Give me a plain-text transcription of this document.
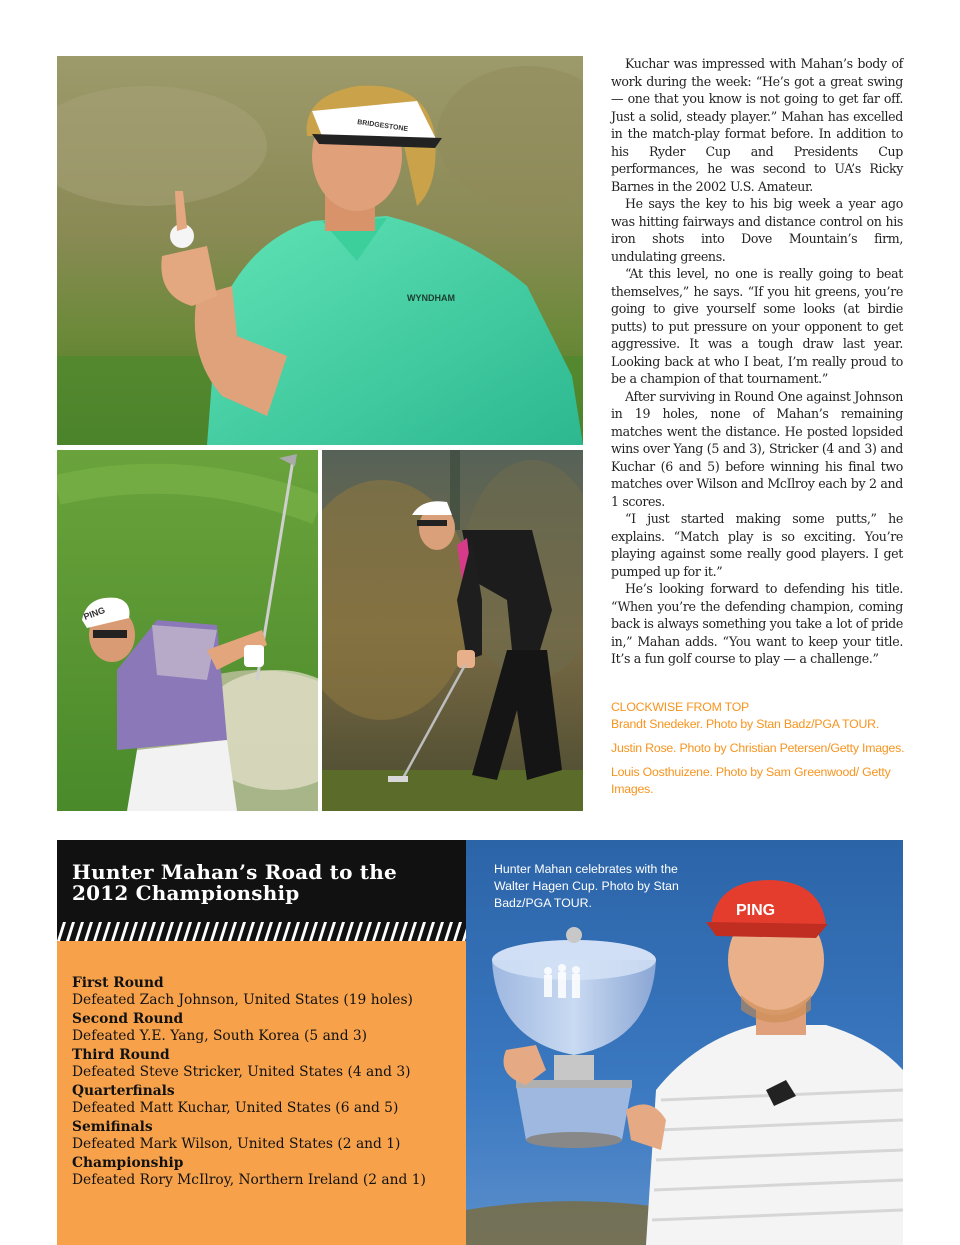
BRIDGESTONE
WYNDHAM
PING

Kuchar was impressed with Mahan’s body of work during the week: “He’s got a great swing — one that you know is not going to get far off. Just a solid, steady player.” Mahan has excelled in the match-play format before. In addition to his Ryder Cup and Presidents Cup performances, he was second to UA’s Ricky Barnes in the 2002 U.S. Amateur.

He says the key to his big week a year ago was hitting fairways and distance control on his iron shots into Dove Mountain’s firm, undulating greens.

“At this level, no one is really going to beat themselves,” he says. “If you hit greens, you’re going to give yourself some looks (at birdie putts) to put pressure on your opponent to get aggressive. It was a tough draw last year. Looking back at who I beat, I’m really proud to be a champion of that tournament.”

After surviving in Round One against Johnson in 19 holes, none of Mahan’s remaining matches went the distance. He posted lopsided wins over Yang (5 and 3), Stricker (4 and 3) and Kuchar (6 and 5) before winning his final two matches over Wilson and McIlroy each by 2 and 1 scores.

“I just started making some putts,” he explains. “Match play is so exciting. You’re playing against some really good players. I get pumped up for it.”

He’s looking forward to defending his title. “When you’re the defending champion, coming back is always something you take a lot of pride in,” Mahan adds. “You want to keep your title. It’s a fun golf course to play — a challenge.”

CLOCKWISE FROM TOP

Brandt Snedeker. Photo by Stan Badz/PGA TOUR.

Justin Rose. Photo by Christian Petersen/Getty Images.

Louis Oosthuizene. Photo by Sam Greenwood/ Getty Images.

Hunter Mahan’s Road to the 2012 Championship
First Round
Defeated Zach Johnson, United States (19 holes)
Second Round
Defeated Y.E. Yang, South Korea (5 and 3)
Third Round
Defeated Steve Stricker, United States (4 and 3)
Quarterfinals
Defeated Matt Kuchar, United States (6 and 5)
Semifinals
Defeated Mark Wilson, United States (2 and 1)
Championship
Defeated Rory McIlroy, Northern Ireland (2 and 1)
PING
Hunter Mahan celebrates with the Walter Hagen Cup. Photo by Stan Badz/PGA TOUR.
